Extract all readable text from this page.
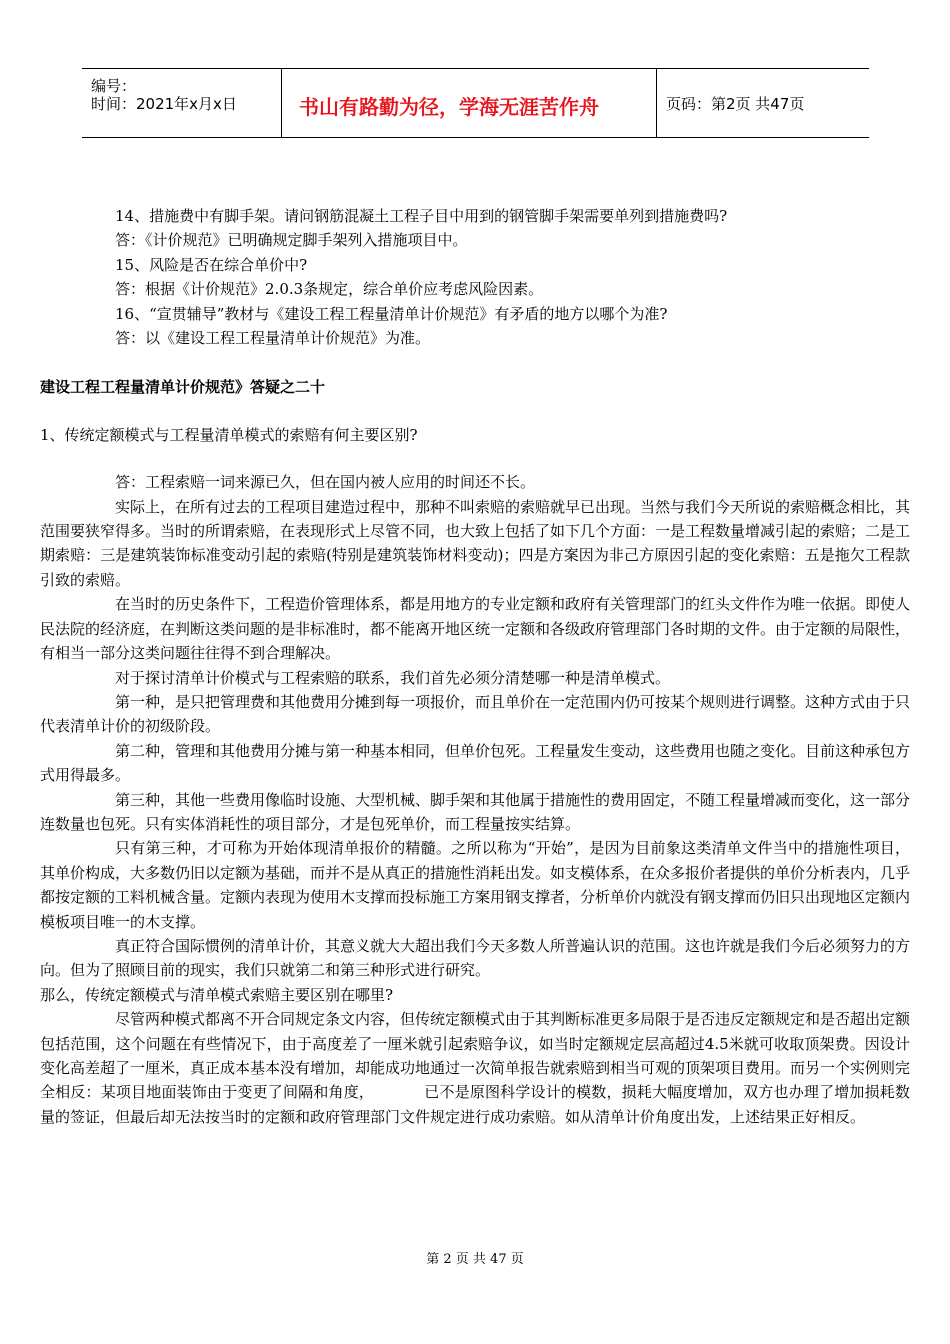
编号：
时间：2021年x月x日	书山有路勤为径，学海无涯苦作舟	页码：第2页 共47页

14、措施费中有脚手架。请问钢筋混凝土工程子目中用到的钢管脚手架需要单列到措施费吗?

答：《计价规范》已明确规定脚手架列入措施项目中。

15、风险是否在综合单价中?

答：根据《计价规范》2.0.3条规定，综合单价应考虑风险因素。

16、“宣贯辅导”教材与《建设工程工程量清单计价规范》有矛盾的地方以哪个为准?

答：以《建设工程工程量清单计价规范》为准。

建设工程工程量清单计价规范》答疑之二十

1、传统定额模式与工程量清单模式的索赔有何主要区别?

答：工程索赔一词来源已久，但在国内被人应用的时间还不长。

实际上，在所有过去的工程项目建造过程中，那种不叫索赔的索赔就早已出现。当然与我们今天所说的索赔概念相比，其范围要狭窄得多。当时的所谓索赔，在表现形式上尽管不同，也大致上包括了如下几个方面：一是工程数量增减引起的索赔；二是工期索赔：三是建筑装饰标准变动引起的索赔(特别是建筑装饰材料变动)；四是方案因为非己方原因引起的变化索赔：五是拖欠工程款引致的索赔。

在当时的历史条件下，工程造价管理体系，都是用地方的专业定额和政府有关管理部门的红头文件作为唯一依据。即使人民法院的经济庭，在判断这类问题的是非标准时，都不能离开地区统一定额和各级政府管理部门各时期的文件。由于定额的局限性，有相当一部分这类问题往往得不到合理解决。

对于探讨清单计价模式与工程索赔的联系，我们首先必须分清楚哪一种是清单模式。

第一种，是只把管理费和其他费用分摊到每一项报价，而且单价在一定范围内仍可按某个规则进行调整。这种方式由于只代表清单计价的初级阶段。

第二种，管理和其他费用分摊与第一种基本相同，但单价包死。工程量发生变动，这些费用也随之变化。目前这种承包方式用得最多。

第三种，其他一些费用像临时设施、大型机械、脚手架和其他属于措施性的费用固定，不随工程量增减而变化，这一部分连数量也包死。只有实体消耗性的项目部分，才是包死单价，而工程量按实结算。

只有第三种，才可称为开始体现清单报价的精髓。之所以称为“开始”，是因为目前象这类清单文件当中的措施性项目，其单价构成，大多数仍旧以定额为基础，而并不是从真正的措施性消耗出发。如支模体系，在众多报价者提供的单价分析表内，几乎都按定额的工料机械含量。定额内表现为使用木支撑而投标施工方案用钢支撑者，分析单价内就没有钢支撑而仍旧只出现地区定额内模板项目唯一的木支撑。

真正符合国际惯例的清单计价，其意义就大大超出我们今天多数人所普遍认识的范围。这也许就是我们今后必须努力的方向。但为了照顾目前的现实，我们只就第二和第三种形式进行研究。

那么，传统定额模式与清单模式索赔主要区别在哪里?

尽管两种模式都离不开合同规定条文内容，但传统定额模式由于其判断标准更多局限于是否违反定额规定和是否超出定额包括范围，这个问题在有些情况下，由于高度差了一厘米就引起索赔争议，如当时定额规定层高超过4.5米就可收取顶架费。因设计变化高差超了一厘米，真正成本基本没有增加，却能成功地通过一次简单报告就索赔到相当可观的顶架项目费用。而另一个实例则完全相反：某项目地面装饰由于变更了间隔和角度，	已不是原图科学设计的模数，损耗大幅度增加，双方也办理了增加损耗数量的签证，但最后却无法按当时的定额和政府管理部门文件规定进行成功索赔。如从清单计价角度出发，上述结果正好相反。

第 2 页 共 47 页
